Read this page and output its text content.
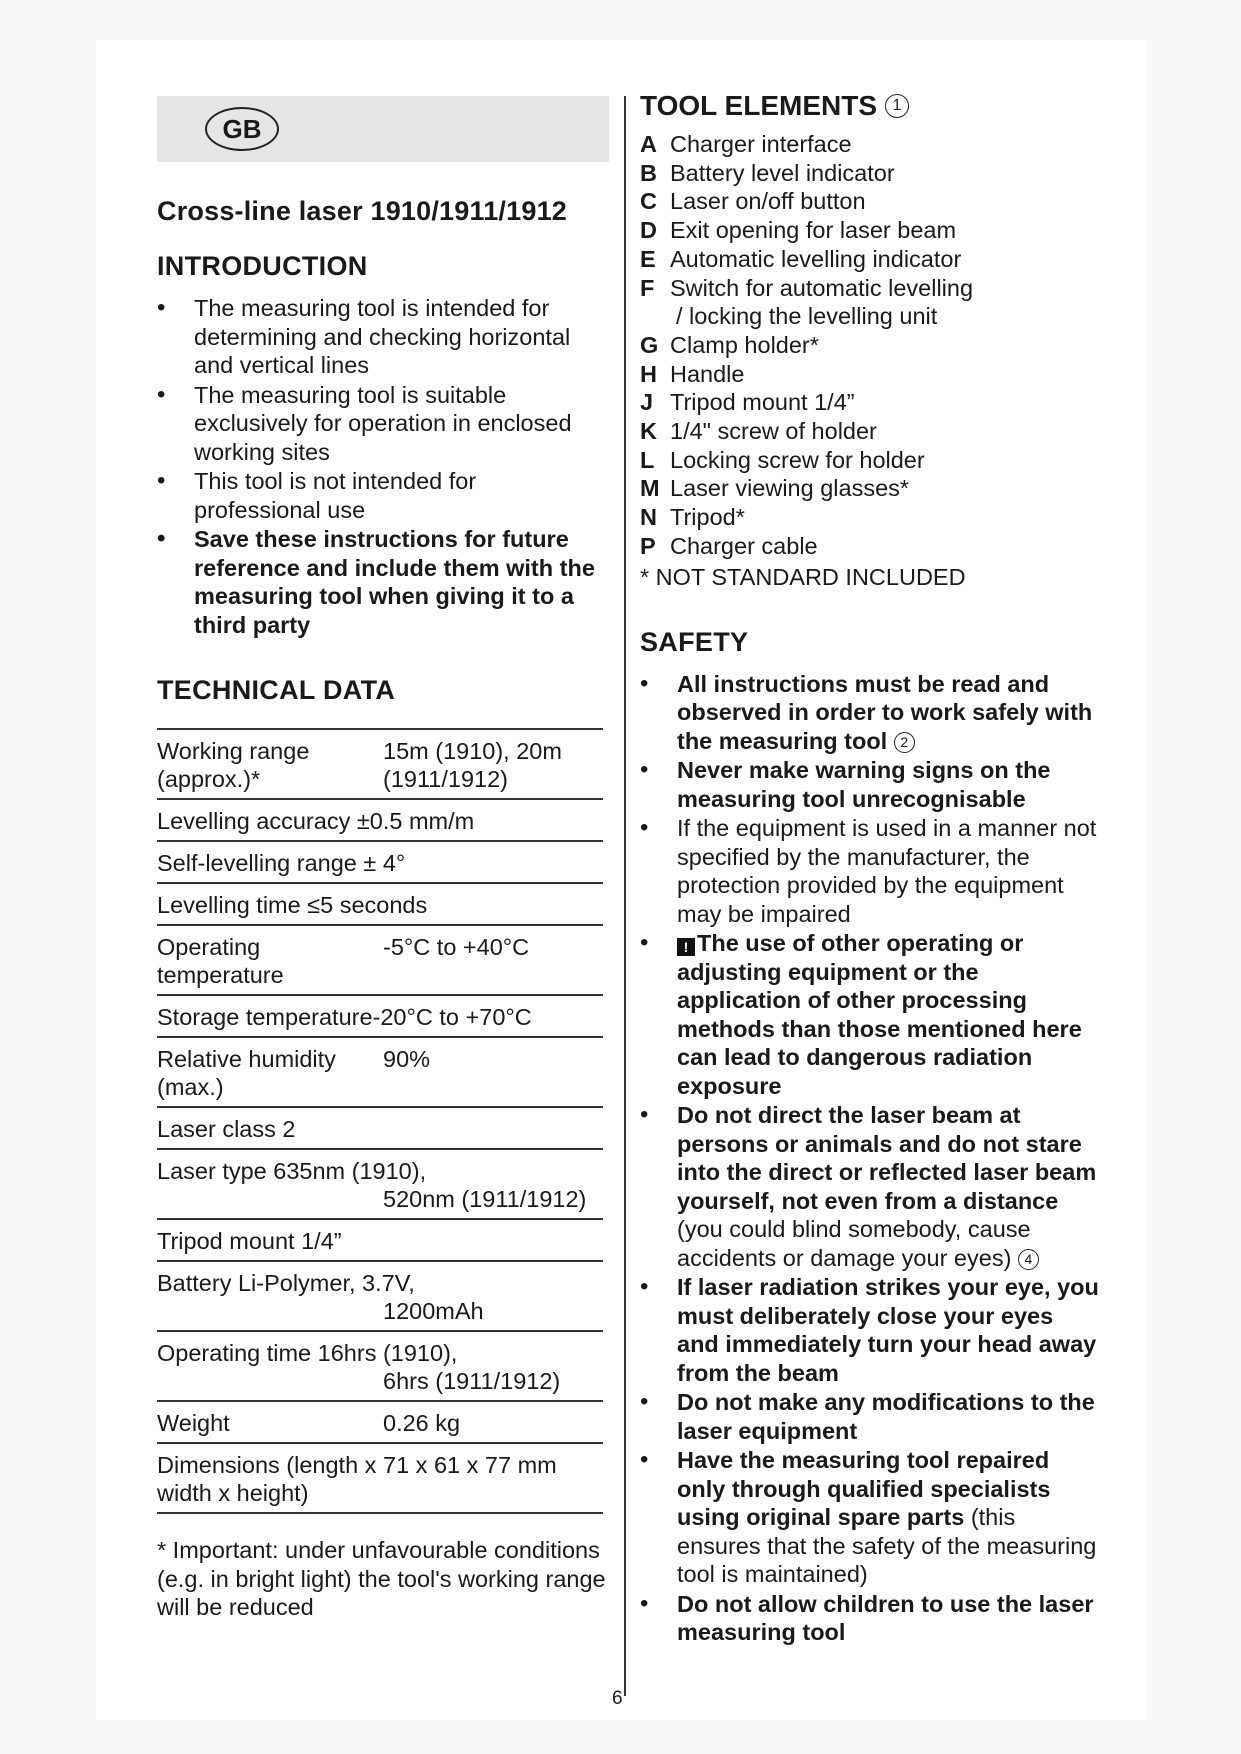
GB
Cross-line laser 1910/1911/1912
INTRODUCTION
• The measuring tool is intended for determining and checking horizontal and vertical lines
• The measuring tool is suitable exclusively for operation in enclosed working sites
• This tool is not intended for professional use
• Save these instructions for future reference and include them with the measuring tool when giving it to a third party
TECHNICAL DATA
Working range (approx.)*	15m (1910), 20m (1911/1912)
Levelling accuracy ±0.5 mm/m	
Self-levelling range ± 4°	
Levelling time ≤5 seconds	
Operating temperature	-5°C to +40°C
Storage temperature-20°C to +70°C	
Relative humidity (max.)	90%
Laser class 2	

Laser type 635nm (1910),
520nm (1911/1912)	

Tripod mount 1/4”	

Battery Li-Polymer, 3.7V,
1200mAh	

Operating time 16hrs (1910),
6hrs (1911/1912)	

Weight	0.26 kg
Dimensions (length x width x height)	71 x 61 x 77 mm
* Important: under unfavourable conditions (e.g. in bright light) the tool's working range will be reduced
TOOL ELEMENTS 1
A Charger interface
B Battery level indicator
C Laser on/off button
D Exit opening for laser beam
E Automatic levelling indicator
F Switch for automatic levelling
/ locking the levelling unit
G Clamp holder*
H Handle
J Tripod mount 1/4”
K 1/4" screw of holder
L Locking screw for holder
M Laser viewing glasses*
N Tripod*
P Charger cable
* NOT STANDARD INCLUDED
SAFETY
• All instructions must be read and observed in order to work safely with the measuring tool 2
• Never make warning signs on the measuring tool unrecognisable
• If the equipment is used in a manner not specified by the manufacturer, the protection provided by the equipment may be impaired
• ! The use of other operating or adjusting equipment or the application of other processing methods than those mentioned here can lead to dangerous radiation exposure
• Do not direct the laser beam at persons or animals and do not stare into the direct or reflected laser beam yourself, not even from a distance (you could blind somebody, cause accidents or damage your eyes) 4
• If laser radiation strikes your eye, you must deliberately close your eyes and immediately turn your head away from the beam
• Do not make any modifications to the laser equipment
• Have the measuring tool repaired only through qualified specialists using original spare parts (this ensures that the safety of the measuring tool is maintained)
• Do not allow children to use the laser measuring tool
6
